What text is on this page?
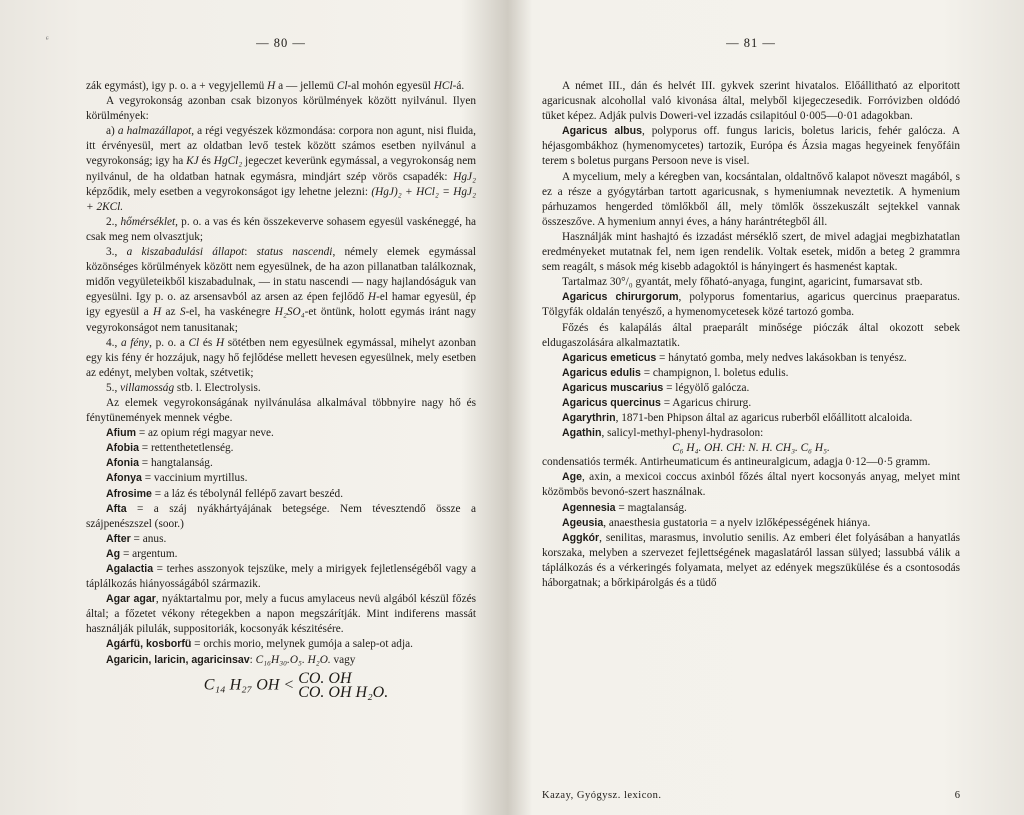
ᶝ	— 80 —

zák egymást), igy p. o. a + vegyjellemü H a — jellemü Cl-al mohón egyesül HCl-á.

A vegyrokonság azonban csak bizonyos körülmények között nyilvánul. Ilyen körülmények:

a) a halmazállapot, a régi vegyészek közmondása: corpora non agunt, nisi fluida, itt érvényesül, mert az oldatban levő testek között számos esetben nyilvánul a vegyrokonság; igy ha KJ és HgCl₂ jegeczet keverünk egymással, a vegyrokonság nem nyilvánul, de ha oldatban hatnak egymásra, mindjárt szép vörös csapadék: HgJ₂ képződik, mely esetben a vegyrokonságot igy lehetne jelezni: (HgJ)₂ + HCl₂ = HgJ₂ + 2KCl.

2., hőmérséklet, p. o. a vas és kén összekeverve sohasem egyesül vaskéneggé, ha csak meg nem olvasztjuk;

3., a kiszabadulási állapot: status nascendi, némely elemek egymással közönséges körülmények között nem egyesülnek, de ha azon pillanatban találkoznak, midőn vegyületeikből kiszabadulnak, — in statu nascendi — nagy hajlandóságuk van egyesülni. Igy p. o. az arsensavból az arsen az épen fejlődő H-el hamar egyesül, ép igy egyesül a H az S-el, ha vaskénegre H₂SO₄-et öntünk, holott egymás iránt nagy vegyrokonságot nem tanusitanak;

4., a fény, p. o. a Cl és H sötétben nem egyesülnek egymással, mihelyt azonban egy kis fény ér hozzájuk, nagy hő fejlődése mellett hevesen egyesülnek, mely esetben az edényt, melyben voltak, szétvetik;

5., villamosság stb. l. Electrolysis.

Az elemek vegyrokonságának nyilvánulása alkalmával többnyire nagy hő és fénytünemények mennek végbe.

Afium = az opium régi magyar neve.

Afobia = rettenthetetlenség.

Afonia = hangtalanság.

Afonya = vaccinium myrtillus.

Afrosime = a láz és tébolynál fellépő zavart beszéd.

Afta = a száj nyákhártyájának betegsége. Nem tévesztendő össze a szájpenészszel (soor.)

After = anus.

Ag = argentum.

Agalactia = terhes asszonyok tejszüke, mely a mirigyek fejletlenségéből vagy a táplálkozás hiányosságából származik.

Agar agar, nyáktartalmu por, mely a fucus amylaceus nevü algából készül főzés által; a főzetet vékony rétegekben a napon megszárítják. Mint indiferens massát használják pilulák, suppositoriák, kocsonyák készitésére.

Agárfü, kosborfü = orchis morio, melynek gumója a salep-ot adja.

Agaricin, laricin, agaricinsav: C₁₆H₃₀.O₅. H₂O. vagy

C₁₄ H₂₇ OH < CO. OH
CO. OH H₂O.
— 81 —

A német III., dán és helvét III. gykvek szerint hivatalos. Előállitható az elporitott agaricusnak alcohollal való kivonása által, melyből kijegeczesedik. Forróvizben oldódó tüket képez. Adják pulvis Doweri-vel izzadás csilapitóul 0·005—0·01 adagokban.

Agaricus albus, polyporus off. fungus laricis, boletus laricis, fehér galócza. A héjasgombákhoz (hymenomycetes) tartozik, Európa és Ázsia magas hegyeinek fenyőfáin terem s boletus purgans Persoon neve is visel.

A mycelium, mely a kéregben van, kocsántalan, oldaltnővő kalapot növeszt magából, s ez a része a gyógytárban tartott agaricusnak, s hymeniumnak neveztetik. A hymenium párhuzamos hengerded tömlőkből áll, mely tömlők összekuszált sejtekkel vannak összeszőve. A hymenium annyi éves, a hány harántrétegből áll.

Használják mint hashajtó és izzadást mérséklő szert, de mivel adagjai megbizhatatlan eredményeket mutatnak fel, nem igen rendelik. Voltak esetek, midőn a beteg 2 grammra sem reagált, s mások még kisebb adagoktól is hányingert és hasmenést kaptak.

Tartalmaz 30°/₀ gyantát, mely főható-anyaga, fungint, agaricint, fumarsavat stb.

Agaricus chirurgorum, polyporus fomentarius, agaricus quercinus praeparatus. Tölgyfák oldalán tenyésző, a hymenomycetesek közé tartozó gomba.

Főzés és kalapálás által praeparált minőségе pióczák által okozott sebek eldugaszolására alkalmaztatik.

Agaricus emeticus = hánytató gomba, mely nedves lakásokban is tenyész.

Agaricus edulis = champignon, l. boletus edulis.

Agaricus muscarius = légyölő galócza.

Agaricus quercinus = Agaricus chirurg.

Agarythrin, 1871-ben Phipson által az agaricus ruberből előállitott alcaloida.

Agathin, salicyl-methyl-phenyl-hydrasolon:

C₆ H₄. OH. CH: N. H. CH₃. C₆ H₅.

condensatiós termék. Antirheumaticum és antineuralgicum, adagja 0·12—0·5 gramm.

Age, axin, a mexicoi coccus axinból főzés által nyert kocsonyás anyag, melyet mint közömbös bevonó-szert használnak.

Agennesia = magtalanság.

Ageusia, anaesthesia gustatoria = a nyelv izlőképességének hiánya.

Aggkór, senilitas, marasmus, involutio senilis. Az emberi élet folyásában a hanyatlás korszaka, melyben a szervezet fejlettségének magaslatáról lassan sülyed; lassubbá válik a táplálkozás és a vérkeringés folyamata, melyet az edények megszükülése és a csontosodás háborgatnak; a bőrkipárolgás és a tüdő

Kazay, Gyógysz. lexicon.	6
